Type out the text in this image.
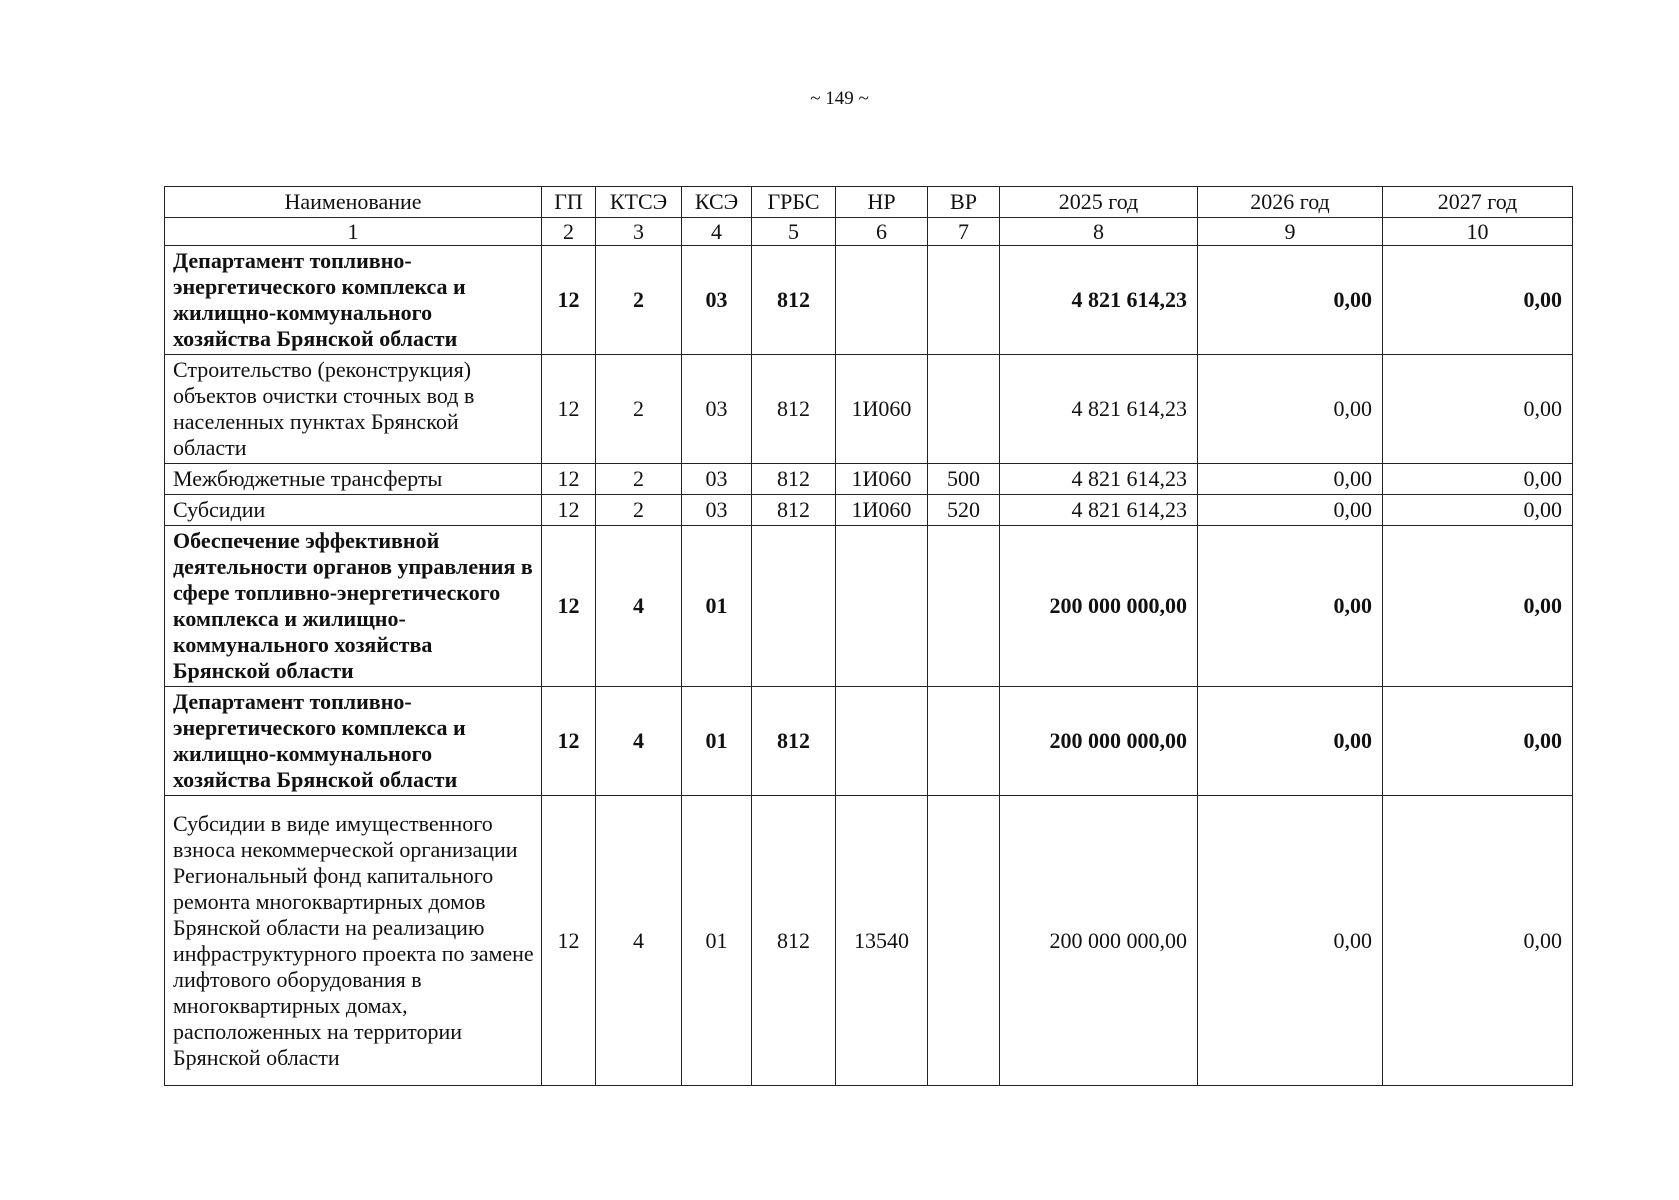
~ 149 ~
Наименование	ГП	КТСЭ	КСЭ	ГРБС	НР	ВР	2025 год	2026 год	2027 год
1	2	3	4	5	6	7	8	9	10
Департамент топливно-энергетического комплекса и жилищно-коммунального хозяйства Брянской области	12	2	03	812			4 821 614,23	0,00	0,00
Строительство (реконструкция) объектов очистки сточных вод в населенных пунктах Брянской области	12	2	03	812	1И060		4 821 614,23	0,00	0,00
Межбюджетные трансферты	12	2	03	812	1И060	500	4 821 614,23	0,00	0,00
Субсидии	12	2	03	812	1И060	520	4 821 614,23	0,00	0,00
Обеспечение эффективной деятельности органов управления в сфере топливно-энергетического комплекса и жилищно-коммунального хозяйства Брянской области	12	4	01				200 000 000,00	0,00	0,00
Департамент топливно-энергетического комплекса и жилищно-коммунального хозяйства Брянской области	12	4	01	812			200 000 000,00	0,00	0,00
Субсидии в виде имущественного взноса некоммерческой организации Региональный фонд капитального ремонта многоквартирных домов Брянской области на реализацию инфраструктурного проекта по замене лифтового оборудования в многоквартирных домах, расположенных на территории Брянской области	12	4	01	812	13540		200 000 000,00	0,00	0,00
